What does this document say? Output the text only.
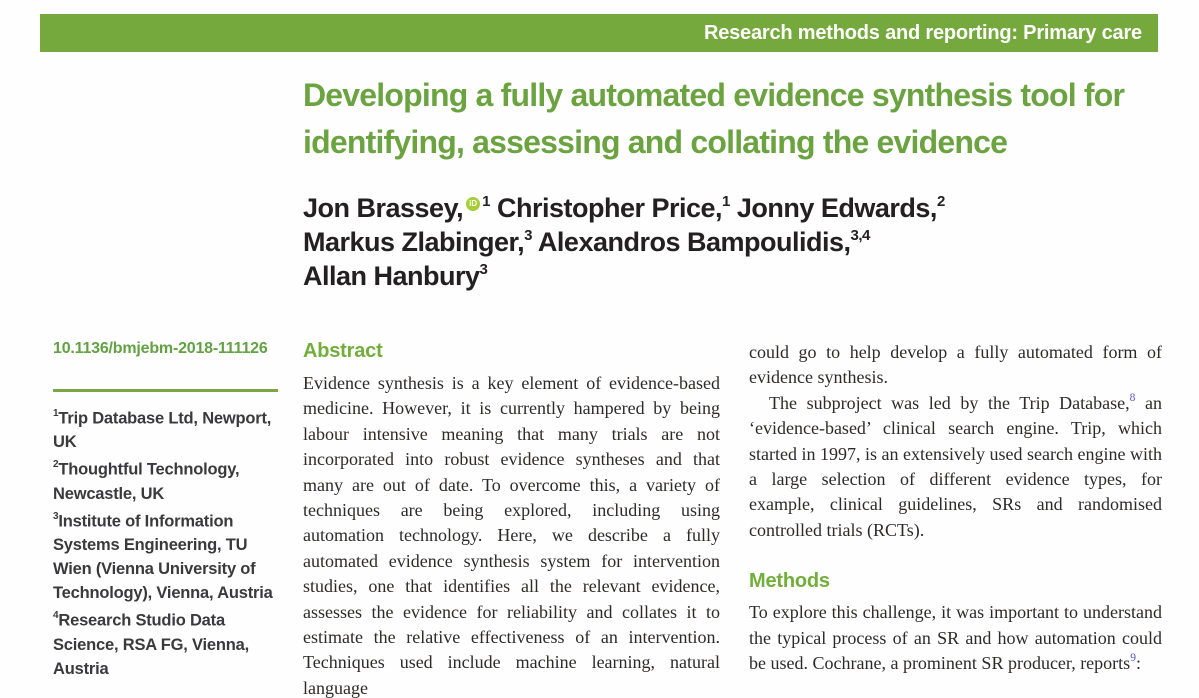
Research methods and reporting: Primary care
Developing a fully automated evidence synthesis tool for identifying, assessing and collating the evidence
Jon Brassey, iD $^1$ Christopher Price,$^1$ Jonny Edwards,$^2$
Markus Zlabinger,$^3$ Alexandros Bampoulidis,$^{3,4}$
Allan Hanbury$^3$
10.1136/bmjebm-2018-111126
$^1$Trip Database Ltd, Newport, UK
$^2$Thoughtful Technology, Newcastle, UK
$^3$Institute of Information Systems Engineering, TU Wien (Vienna University of Technology), Vienna, Austria
$^4$Research Studio Data Science, RSA FG, Vienna, Austria
Abstract

Evidence synthesis is a key element of evidence-based medicine. However, it is currently hampered by being labour intensive meaning that many trials are not incorporated into robust evidence syntheses and that many are out of date. To overcome this, a variety of techniques are being explored, including using automation technology. Here, we describe a fully automated evidence synthesis system for intervention studies, one that identifies all the relevant evidence, assesses the evidence for reliability and collates it to estimate the relative effectiveness of an intervention. Techniques used include machine learning, natural language

could go to help develop a fully automated form of evidence synthesis.

The subproject was led by the Trip Database,$^8$ an ‘evidence-based’ clinical search engine. Trip, which started in 1997, is an extensively used search engine with a large selection of different evidence types, for example, clinical guidelines, SRs and randomised controlled trials (RCTs).

Methods

To explore this challenge, it was important to understand the typical process of an SR and how automation could be used. Cochrane, a prominent SR producer, reports$^9$:
